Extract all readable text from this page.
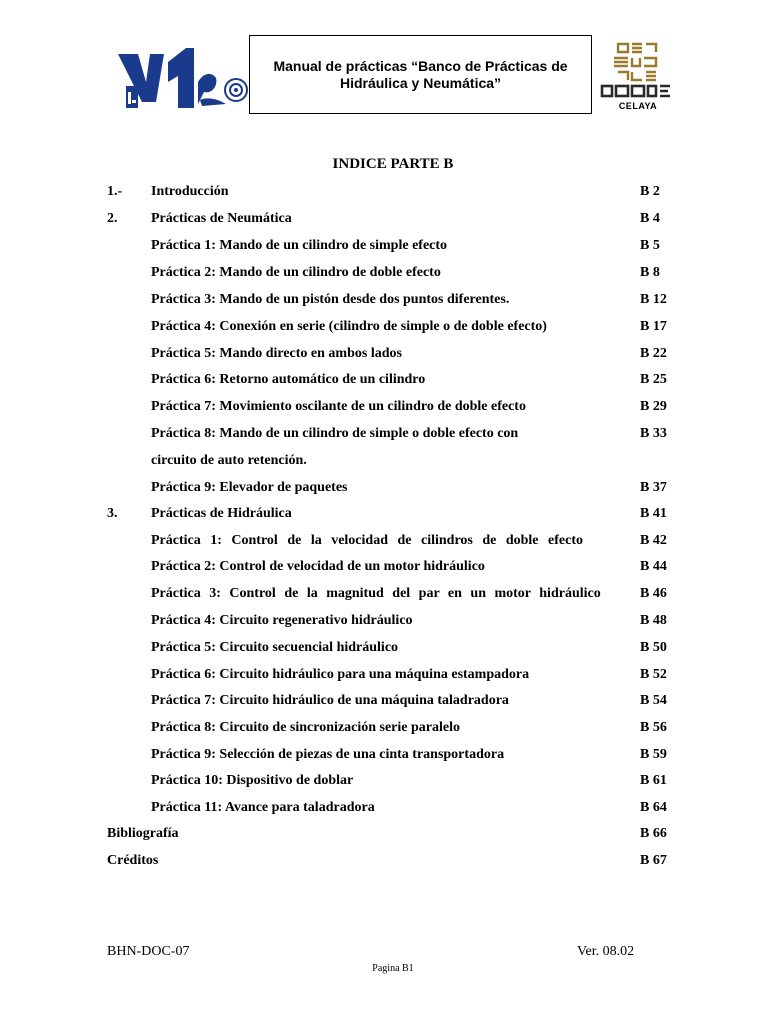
Manual de prácticas “Banco de Prácticas de
Hidráulica y Neumática”
CELAYA
INDICE PARTE B
1.- Introducción	B 2
2. Prácticas de Neumática	B 4
Práctica 1: Mando de un cilindro de simple efecto	B 5
Práctica 2: Mando de un cilindro de doble efecto	B 8
Práctica 3: Mando de un pistón desde dos puntos diferentes.	B 12
Práctica 4: Conexión en serie (cilindro de simple o de doble efecto)	B 17
Práctica 5: Mando directo en ambos lados	B 22
Práctica 6: Retorno automático de un cilindro	B 25
Práctica 7: Movimiento oscilante de un cilindro de doble efecto	B 29
Práctica 8: Mando de un cilindro de simple o doble efecto con	B 33
circuito de auto retención.
Práctica 9: Elevador de paquetes	B 37
3. Prácticas de Hidráulica	B 41
Práctica 1: Control de la velocidad de cilindros de doble efecto	B 42
Práctica 2: Control de velocidad de un motor hidráulico	B 44
Práctica 3: Control de la magnitud del par en un motor hidráulico	B 46
Práctica 4: Circuito regenerativo hidráulico	B 48
Práctica 5: Circuito secuencial hidráulico	B 50
Práctica 6: Circuito hidráulico para una máquina estampadora	B 52
Práctica 7: Circuito hidráulico de una máquina taladradora	B 54
Práctica 8: Circuito de sincronización serie paralelo	B 56
Práctica 9: Selección de piezas de una cinta transportadora	B 59
Práctica 10: Dispositivo de doblar	B 61
Práctica 11: Avance para taladradora	B 64
Bibliografía	B 66
Créditos	B 67
BHN-DOC-07	Ver. 08.02
Pagina B1
